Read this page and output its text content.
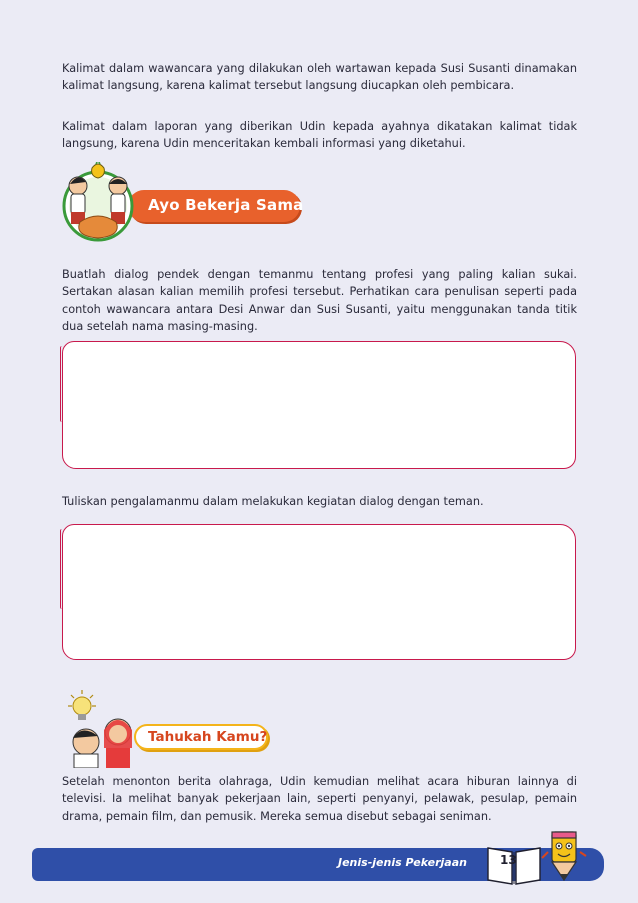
Kalimat dalam wawancara yang dilakukan oleh wartawan kepada Susi Susanti dinamakan kalimat langsung, karena kalimat tersebut langsung diucapkan oleh pembicara.

Kalimat dalam laporan yang diberikan Udin kepada ayahnya dikatakan kalimat tidak langsung, karena Udin menceritakan kembali informasi yang diketahui.

Ayo Bekerja Sama

Buatlah dialog pendek dengan temanmu tentang profesi yang paling kalian sukai. Sertakan alasan kalian memilih profesi tersebut. Perhatikan cara penulisan seperti pada contoh wawancara antara Desi Anwar dan Susi Susanti, yaitu menggunakan tanda titik dua setelah nama masing-masing.

Tuliskan pengalamanmu dalam melakukan kegiatan dialog dengan teman.

Tahukah Kamu?

Setelah menonton berita olahraga, Udin kemudian melihat acara hiburan lainnya di televisi. Ia melihat banyak pekerjaan lain, seperti penyanyi, pelawak, pesulap, pemain drama, pemain film, dan pemusik. Mereka semua disebut sebagai seniman.

Jenis-jenis Pekerjaan	13
